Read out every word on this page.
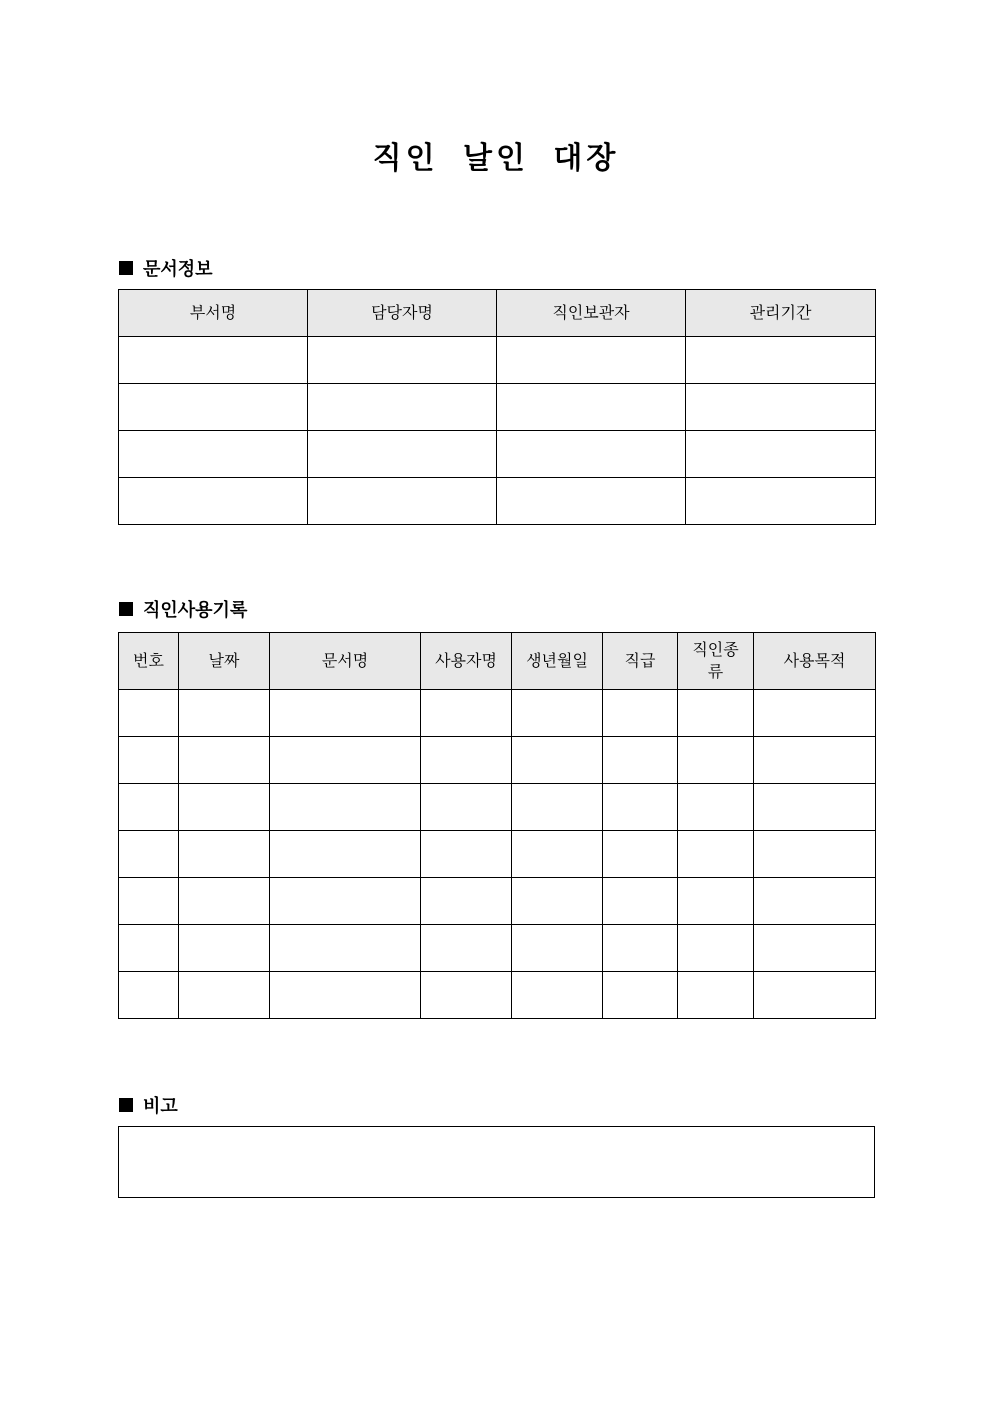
직인 날인 대장
문서정보
부서명	담당자명	직인보관자	관리기간

직인사용기록
번호	날짜	문서명	사용자명	생년월일	직급	직인종류	사용목적

비고
